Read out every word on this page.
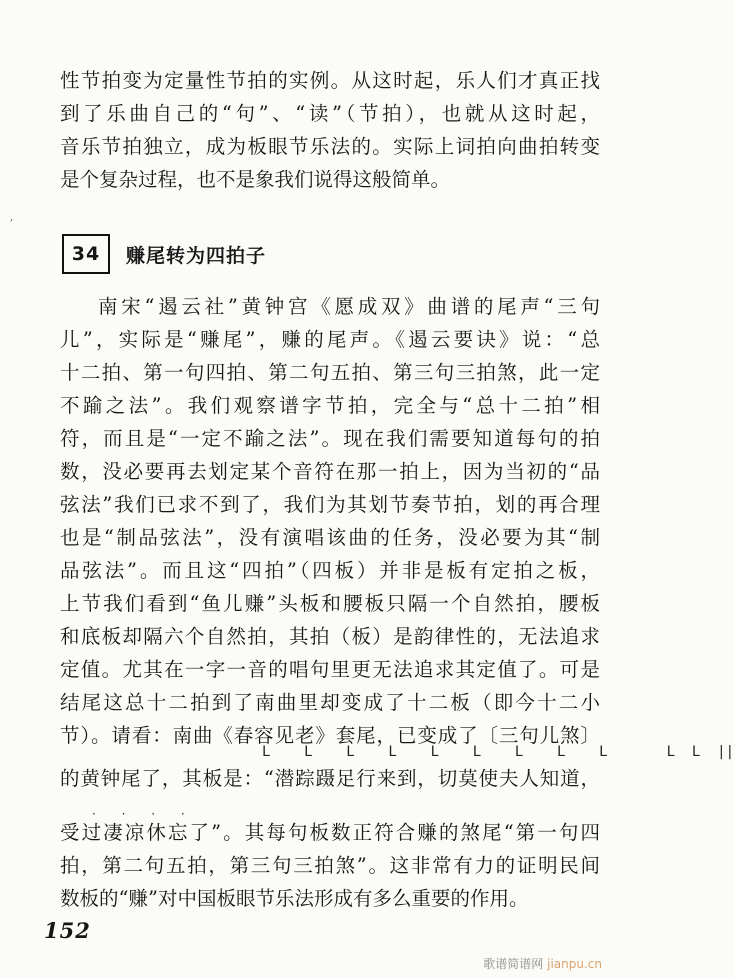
性节拍变为定量性节拍的实例。从这时起，乐人们才真正找
到了乐曲自己的“句”、“读”（节拍），也就从这时起，
音乐节拍独立，成为板眼节乐法的。实际上词拍向曲拍转变
是个复杂过程，也不是象我们说得这般简单。
,
34	赚尾转为四拍子
南宋“遏云社”黄钟宫《愿成双》曲谱的尾声“三句
儿”，实际是“赚尾”，赚的尾声。《遏云要诀》说：“总
十二拍、第一句四拍、第二句五拍、第三句三拍煞，此一定
不踰之法”。我们观察谱字节拍，完全与“总十二拍”相
符，而且是“一定不踰之法”。现在我们需要知道每句的拍
数，没必要再去划定某个音符在那一拍上，因为当初的“品
弦法”我们已求不到了，我们为其划节奏节拍，划的再合理
也是“制品弦法”，没有演唱该曲的任务，没必要为其“制
品弦法”。而且这“四拍”（四板）并非是板有定拍之板，
上节我们看到“鱼儿赚”头板和腰板只隔一个自然拍，腰板
和底板却隔六个自然拍，其拍（板）是韵律性的，无法追求
定值。尤其在一字一音的唱句里更无法追求其定值了。可是
结尾这总十二拍到了南曲里却变成了十二板（即今十二小
节）。请看：南曲《春容见老》套尾，已变成了〔三句儿煞〕
L    L    L    L    L    L    L    L    L       L  L  ||
的黄钟尾了，其板是：“潜踪蹑足行来到，切莫使夫人知道，
· · · ·
受过凄凉休忘了”。其每句板数正符合赚的煞尾“第一句四
拍，第二句五拍，第三句三拍煞”。这非常有力的证明民间
数板的“赚”对中国板眼节乐法形成有多么重要的作用。
152
歌谱简谱网 jianpu.cn
